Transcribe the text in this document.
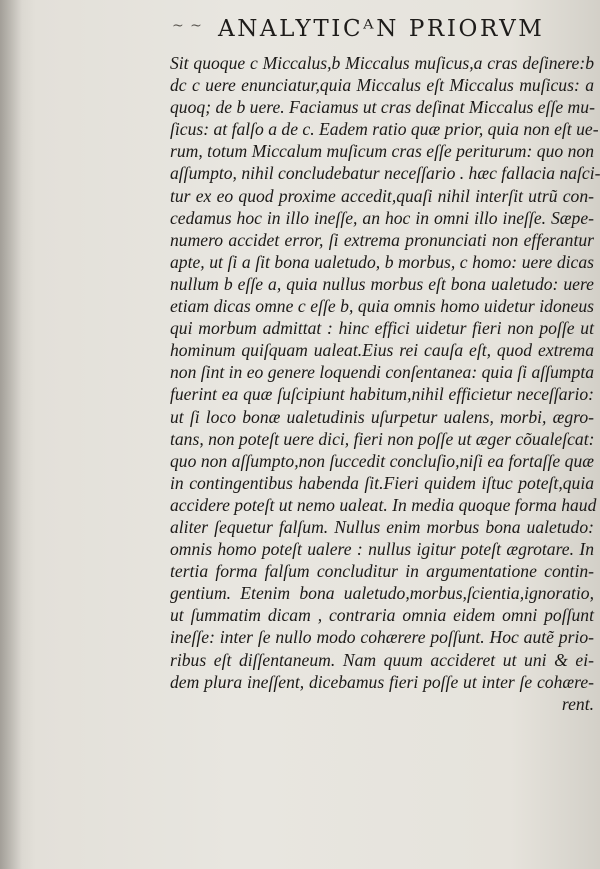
~ ~ ANALYTICᴬN PRIORVM
Sit quoque c Miccalus,b Miccalus muſicus,a cras deſinere:b
dc c uere enunciatur,quia Miccalus eſt Miccalus muſicus: a
quoq; de b uere. Faciamus ut cras deſinat Miccalus eſſe mu-
ſicus: at falſo a de c. Eadem ratio quæ prior, quia non eſt ue-
rum, totum Miccalum muſicum cras eſſe periturum: quo non
aſſumpto, nihil concludebatur neceſſario . hæc fallacia naſci-
tur ex eo quod proxime accedit,quaſi nihil interſit utrũ con-
cedamus hoc in illo ineſſe, an hoc in omni illo ineſſe. Sæpe-
numero accidet error, ſi extrema pronunciati non efferantur
apte, ut ſi a ſit bona ualetudo, b morbus, c homo: uere dicas
nullum b eſſe a, quia nullus morbus eſt bona ualetudo: uere
etiam dicas omne c eſſe b, quia omnis homo uidetur idoneus
qui morbum admittat : hinc effici uidetur fieri non poſſe ut
hominum quiſquam ualeat.Eius rei cauſa eſt, quod extrema
non ſint in eo genere loquendi conſentanea: quia ſi aſſumpta
fuerint ea quæ ſuſcipiunt habitum,nihil efficietur neceſſario:
ut ſi loco bonæ ualetudinis uſurpetur ualens, morbi, ægro-
tans, non poteſt uere dici, fieri non poſſe ut æger cõualeſcat:
quo non aſſumpto,non ſuccedit concluſio,niſi ea fortaſſe quæ
in contingentibus habenda ſit.Fieri quidem iſtuc poteſt,quia
accidere poteſt ut nemo ualeat. In media quoque forma haud
aliter ſequetur falſum. Nullus enim morbus bona ualetudo:
omnis homo poteſt ualere : nullus igitur poteſt ægrotare. In
tertia forma falſum concluditur in argumentatione contin-
gentium. Etenim bona ualetudo,morbus,ſcientia,ignoratio,
ut ſummatim dicam , contraria omnia eidem omni poſſunt
ineſſe: inter ſe nullo modo cohærere poſſunt. Hoc autẽ prio-
ribus eſt diſſentaneum. Nam quum accideret ut uni & ei-
dem plura ineſſent, dicebamus fieri poſſe ut inter ſe cohære-
rent.
